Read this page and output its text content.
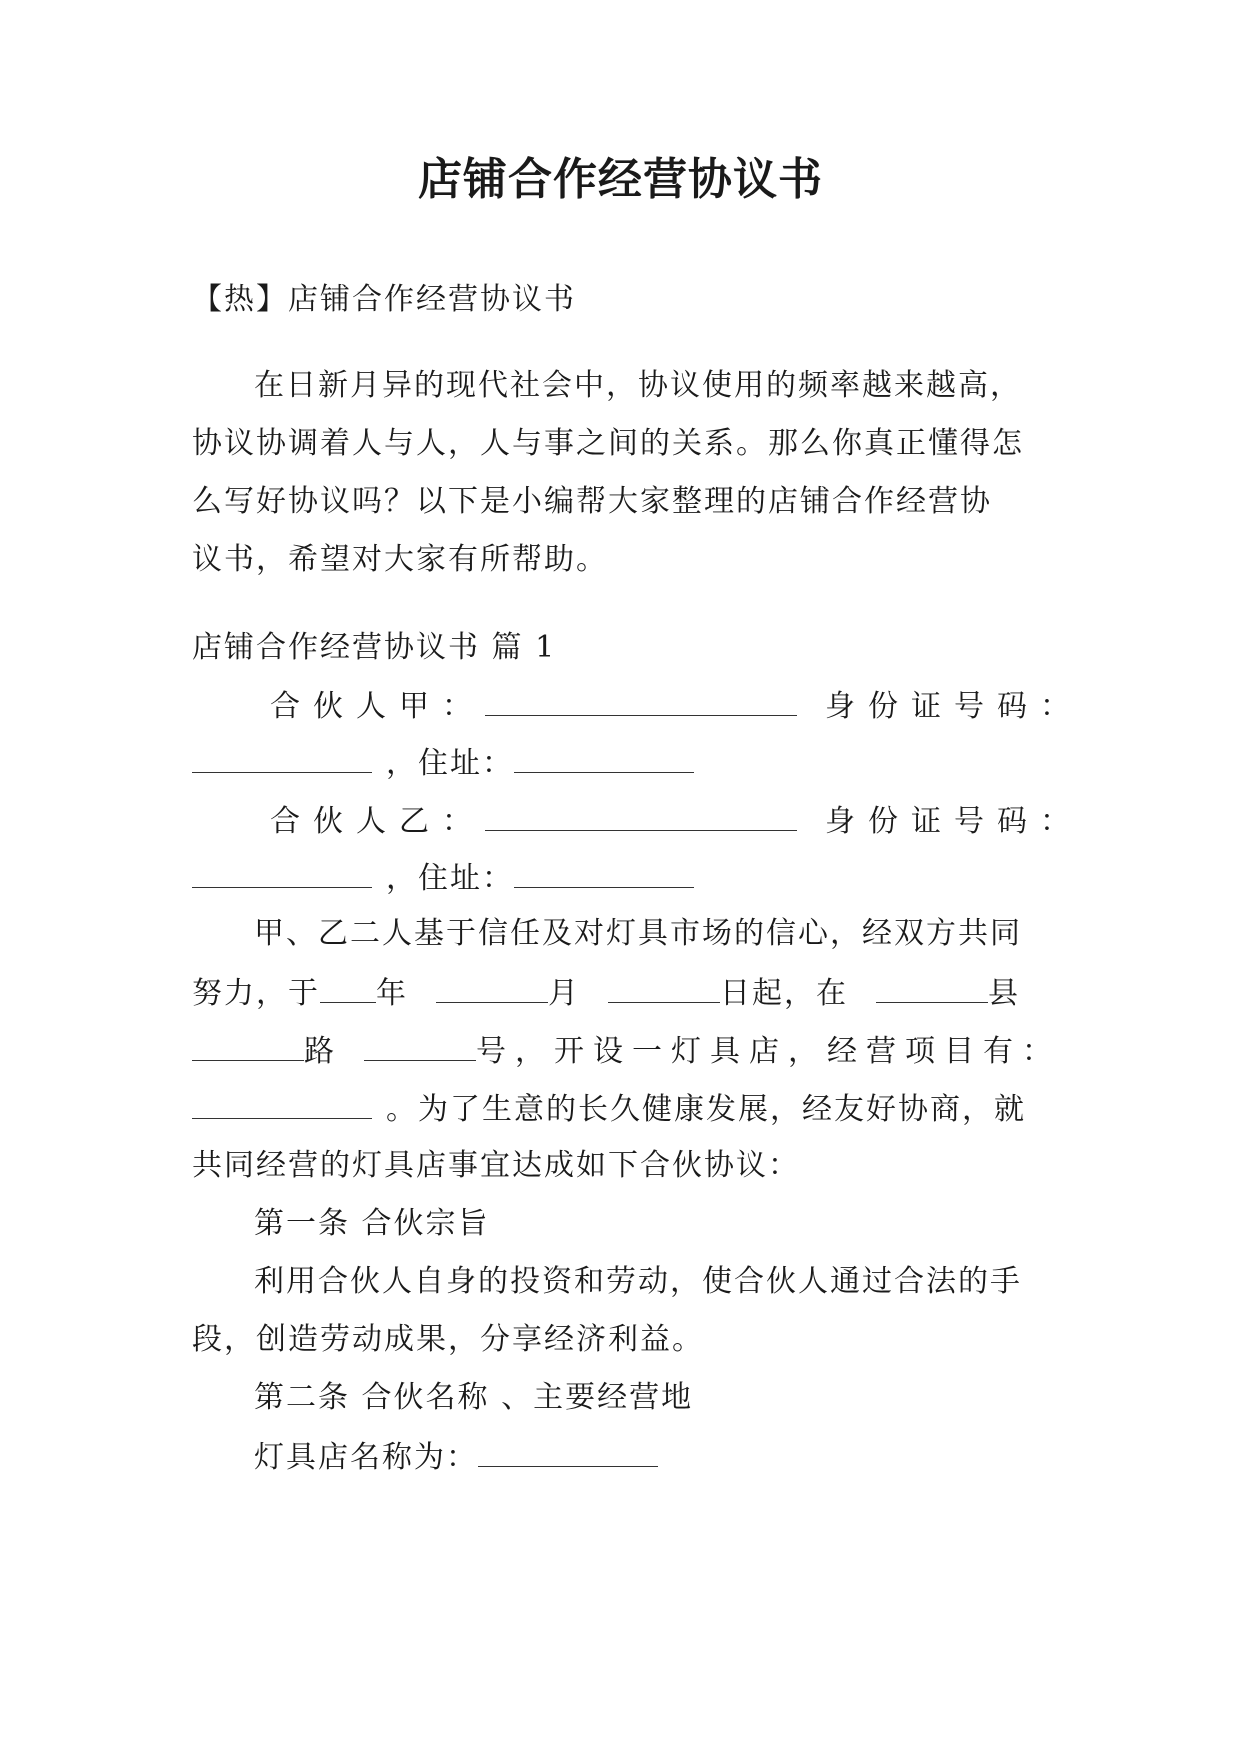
店铺合作经营协议书
【热】店铺合作经营协议书
在日新月异的现代社会中，协议使用的频率越来越高，
协议协调着人与人，人与事之间的关系。那么你真正懂得怎
么写好协议吗？以下是小编帮大家整理的店铺合作经营协
议书，希望对大家有所帮助。
店铺合作经营协议书 篇 1
合伙人甲：	身份证号码：
，住址：
合伙人乙：	身份证号码：
，住址：
甲、乙二人基于信任及对灯具市场的信心，经双方共同
努力，于 年	月	日起，在	县
路	号，开设一灯具店，经营项目有：
。为了生意的长久健康发展，经友好协商，就
共同经营的灯具店事宜达成如下合伙协议：
第一条 合伙宗旨
利用合伙人自身的投资和劳动，使合伙人通过合法的手
段，创造劳动成果，分享经济利益。
第二条 合伙名称 、主要经营地
灯具店名称为：
